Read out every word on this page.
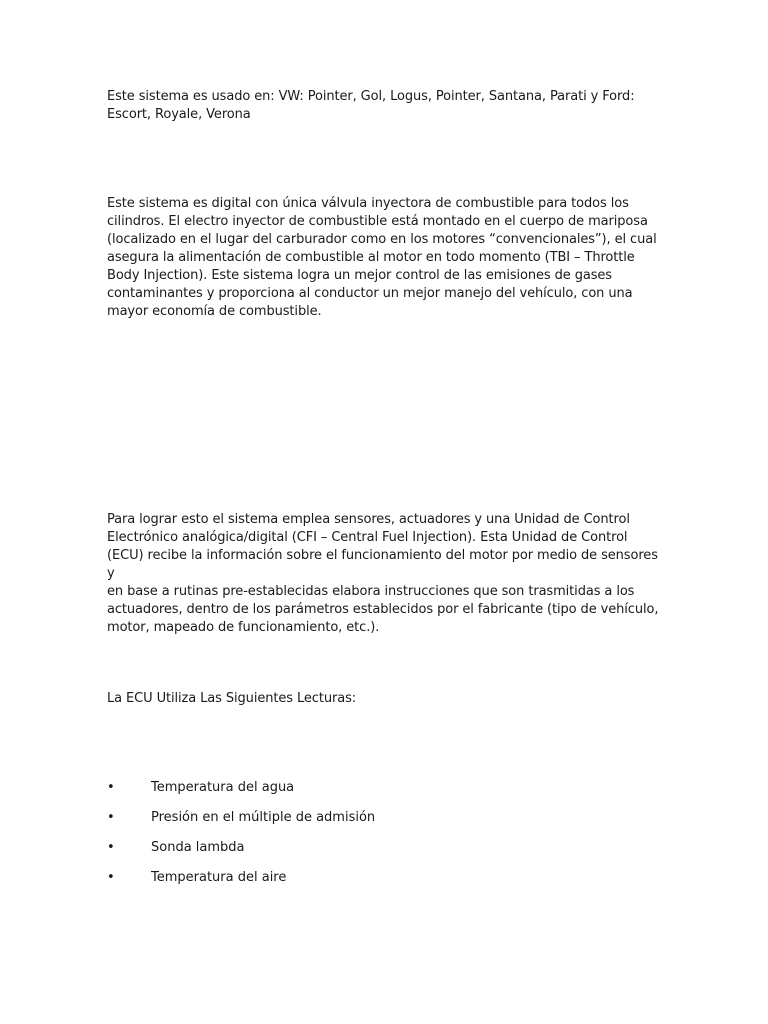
Este sistema es usado en: VW: Pointer, Gol, Logus, Pointer, Santana, Parati y Ford:
Escort, Royale, Verona

Este sistema es digital con única válvula inyectora de combustible para todos los
cilindros. El electro inyector de combustible está montado en el cuerpo de mariposa
(localizado en el lugar del carburador como en los motores “convencionales”), el cual
asegura la alimentación de combustible al motor en todo momento (TBI – Throttle
Body Injection). Este sistema logra un mejor control de las emisiones de gases
contaminantes y proporciona al conductor un mejor manejo del vehículo, con una
mayor economía de combustible.

Para lograr esto el sistema emplea sensores, actuadores y una Unidad de Control
Electrónico analógica/digital (CFI – Central Fuel Injection). Esta Unidad de Control
(ECU) recibe la información sobre el funcionamiento del motor por medio de sensores y
en base a rutinas pre-establecidas elabora instrucciones que son trasmitidas a los
actuadores, dentro de los parámetros establecidos por el fabricante (tipo de vehículo,
motor, mapeado de funcionamiento, etc.).

La ECU Utiliza Las Siguientes Lecturas:

•	Temperatura del agua
•	Presión en el múltiple de admisión
•	Sonda lambda
•	Temperatura del aire
